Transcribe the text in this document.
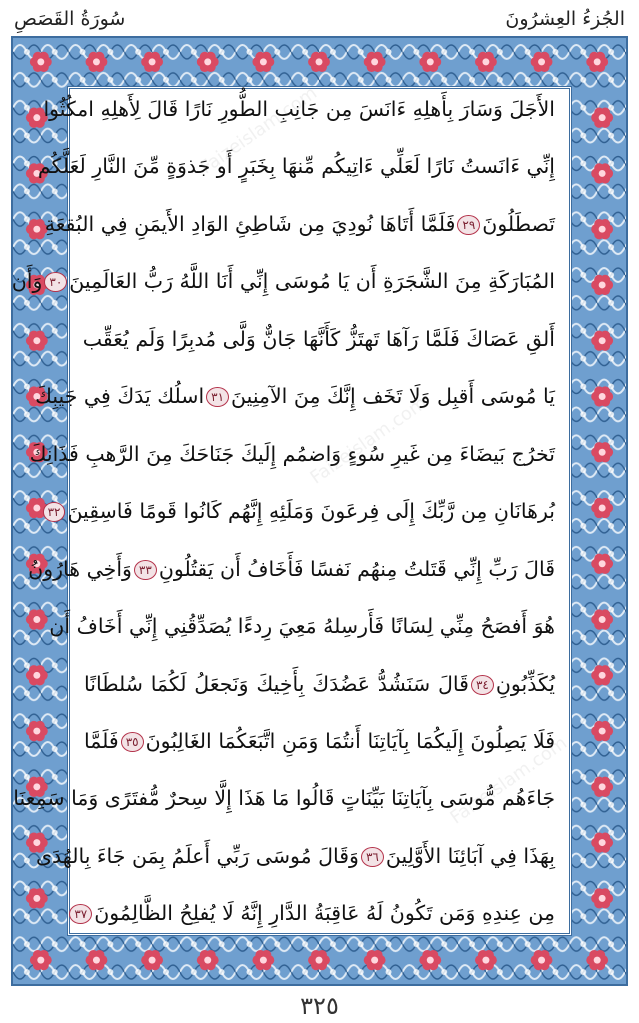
سُورَةُ القَصَصِ	الجُزءُ العِشرُونَ
الأَجَلَ وَسَارَ بِأَهلِهِ ءَانَسَ مِن جَانِبِ الطُّورِ نَارًا قَالَ لِأَهلِهِ امكُثُوا
إِنِّي ءَانَستُ نَارًا لَعَلِّي ءَاتِيكُم مِّنهَا بِخَبَرٍ أَو جَذوَةٍ مِّنَ النَّارِ لَعَلَّكُم
تَصطَلُونَ٢٩فَلَمَّا أَتَاهَا نُودِيَ مِن شَاطِئِ الوَادِ الأَيمَنِ فِي البُقعَةِ
المُبَارَكَةِ مِنَ الشَّجَرَةِ أَن يَا مُوسَى إِنِّي أَنَا اللَّهُ رَبُّ العَالَمِينَ٣٠وَأَن
أَلقِ عَصَاكَ فَلَمَّا رَآهَا تَهتَزُّ كَأَنَّهَا جَانٌّ وَلَّى مُدبِرًا وَلَم يُعَقِّب
يَا مُوسَى أَقبِل وَلَا تَخَف إِنَّكَ مِنَ الآمِنِينَ٣١اسلُك يَدَكَ فِي جَيبِكَ
تَخرُج بَيضَاءَ مِن غَيرِ سُوءٍ وَاضمُم إِلَيكَ جَنَاحَكَ مِنَ الرَّهبِ فَذَانِكَ
بُرهَانَانِ مِن رَّبِّكَ إِلَى فِرعَونَ وَمَلَئِهِ إِنَّهُم كَانُوا قَومًا فَاسِقِينَ٣٢
قَالَ رَبِّ إِنِّي قَتَلتُ مِنهُم نَفسًا فَأَخَافُ أَن يَقتُلُونِ٣٣وَأَخِي هَارُونُ
هُوَ أَفصَحُ مِنِّي لِسَانًا فَأَرسِلهُ مَعِيَ رِدءًا يُصَدِّقُنِي إِنِّي أَخَافُ أَن
يُكَذِّبُونِ٣٤قَالَ سَنَشُدُّ عَضُدَكَ بِأَخِيكَ وَنَجعَلُ لَكُمَا سُلطَانًا
فَلَا يَصِلُونَ إِلَيكُمَا بِآيَاتِنَا أَنتُمَا وَمَنِ اتَّبَعَكُمَا الغَالِبُونَ٣٥فَلَمَّا
جَاءَهُم مُّوسَى بِآيَاتِنَا بَيِّنَاتٍ قَالُوا مَا هَذَا إِلَّا سِحرٌ مُّفتَرًى وَمَا سَمِعنَا
بِهَذَا فِي آبَائِنَا الأَوَّلِينَ٣٦وَقَالَ مُوسَى رَبِّي أَعلَمُ بِمَن جَاءَ بِالهُدَى
مِن عِندِهِ وَمَن تَكُونُ لَهُ عَاقِبَةُ الدَّارِ إِنَّهُ لَا يُفلِحُ الظَّالِمُونَ٣٧
Faizeislam.com
Faizeislam.com
Faizeislam.com
٣٢٥
